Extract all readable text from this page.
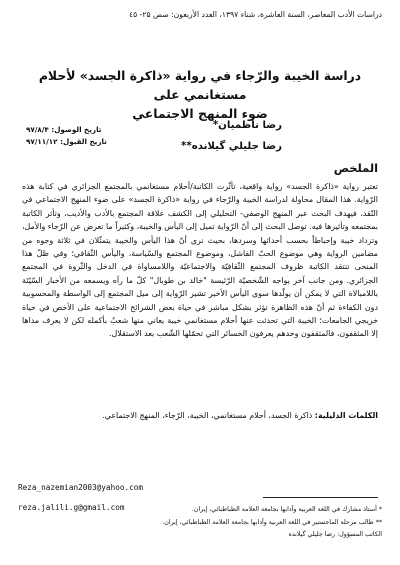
دراسات الأدب المعاصر، السنة العاشرة، شتاء ۱۳۹۷، العدد الأربعون: صص ۲۵- ٤٥
دراسة الخيبة والرّجاء في رواية «ذاكرة الجسد» لأحلام مستغانمي على
ضوء المنهج الاجتماعي
رضا ناظميان*
رضا جليلي گيلانده**
تاريخ الوصول: ۹۷/۸/۴
تاريخ القبول: ۹۷/۱۱/۱۲
الملخص
تعتبر رواية «ذاكرة الجسد» رواية واقعية، تأثّرت الكاتبة/أحلام مستغانمي بالمجتمع الجزائري في كتابة هذه الرّواية. هذا المقال محاولة لدراسة الخيبة والرّجاء في رواية «ذاكرة الجسد» على ضوء المنهج الاجتماعي في النّقد، فيهدف البحث عبر المنهج الوصفي- التحليلي إلى الكشف علاقة المجتمع بالأدب والأديب، وتأثر الكاتبة بمجتمعه وتأثيرها فيه. توصل البحث إلى أنّ الرّواية تميل إلى اليأس والخيبة، وكثيراً ما تعرض عن الرّجاء والأمل، وتزداد خيبة وإحباطاً بحسب أحداثها وسردها، بحيث نرى أنّ هذا اليأس والخيبة يتمثّلان في ثلاثة وجوه من مضامين الرواية وهي موضوع الحبّ الفاشل، وموضوع المجتمع والسّياسة، واليأس الثّقافي؛ وفي ظلّ هذا المنحى تنتقد الكاتبة ظروف المجتمع الثّقافيّة والاجتماعيّة واللامساواة في الدخل والثّروة في المجتمع الجزائري. ومن جانب آخر يواجه الشّخصيّة الرّئيسة "خالد بن طوبال" كلّ ما رآه ويسمعه من الأخبار السّيّئة باللامبالاة التي لا يمكن أن يولّدها سوى اليأس الأخير تشير الرّواية إلى ميل المجتمع إلى الواسطة والمحسوبية دون الكفاءة ثم أنّ هذه الظاهرة تؤثر بشكل مباشر في حياة بعض الشرائح الاجتماعية على الأخص في حياة خريجي الجامعات؛ الخيبة التي تحدثت عنها أحلام مستغانمي خيبة يعاني منها شعبٌ بأكمله لكن لا يعرف مداها إلا المثقفون، فالمثقفون وحدهم يعرفون الخسائر التي تحمّلها الشّعب بعد الاستقلال.
الكلمات الدليلية: ذاكرة الجسد، أحلام مستغانمي، الخيبة، الرّجاء، المنهج الاجتماعي.
Reza_nazemian2003@yahoo.com
reza.jalili.g@gmail.com	* أستاذ مشارك في اللغة العربية وآدابها بجامعة العلامة الطباطبائي، إيران.
** طالب مرحلة الماجستير في اللغة العربية وآدابها بجامعة العلامة الطباطبائي، إيران.
الكاتب المسؤول: رضا جليلي گيلانده
